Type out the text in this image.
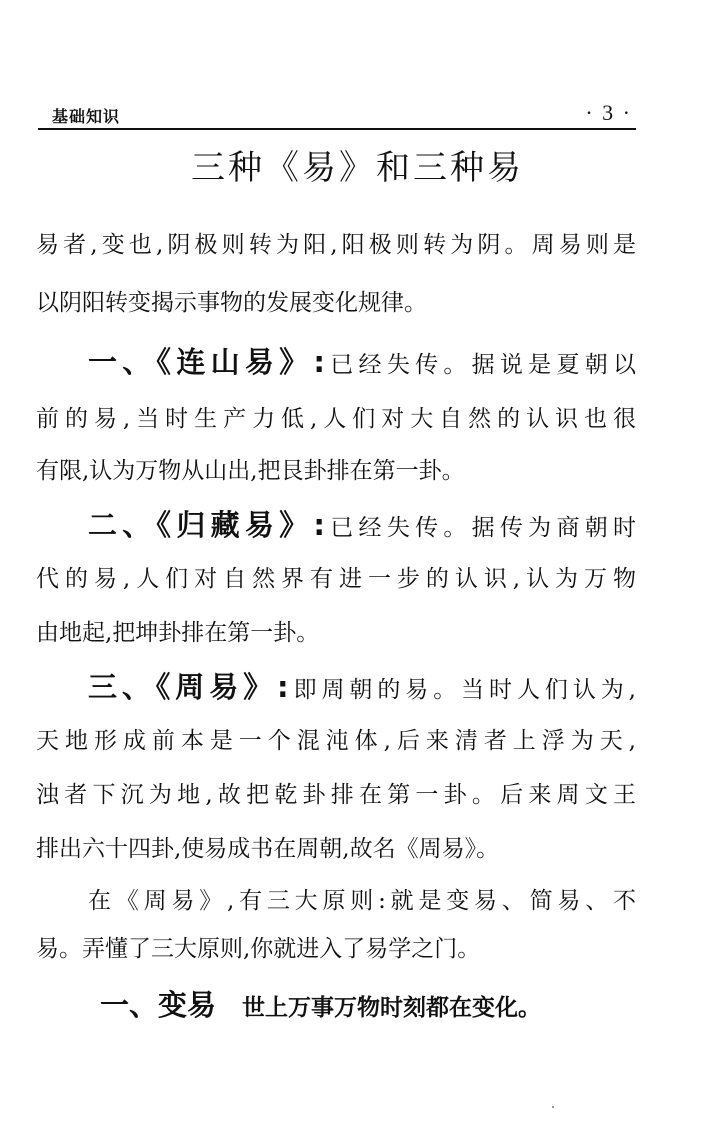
基础知识	· 3 ·
三种《易》和三种易
易者,变也,阴极则转为阳,阳极则转为阴。周易则是
以阴阳转变揭示事物的发展变化规律。
一、《连山易》:已经失传。据说是夏朝以
前的易,当时生产力低,人们对大自然的认识也很
有限,认为万物从山出,把艮卦排在第一卦。
二、《归藏易》:已经失传。据传为商朝时
代的易,人们对自然界有进一步的认识,认为万物
由地起,把坤卦排在第一卦。
三、《周易》:即周朝的易。当时人们认为,
天地形成前本是一个混沌体,后来清者上浮为天,
浊者下沉为地,故把乾卦排在第一卦。后来周文王
排出六十四卦,使易成书在周朝,故名《周易》。
在《周易》,有三大原则:就是变易、简易、不
易。弄懂了三大原则,你就进入了易学之门。
一、变易 世上万事万物时刻都在变化。
